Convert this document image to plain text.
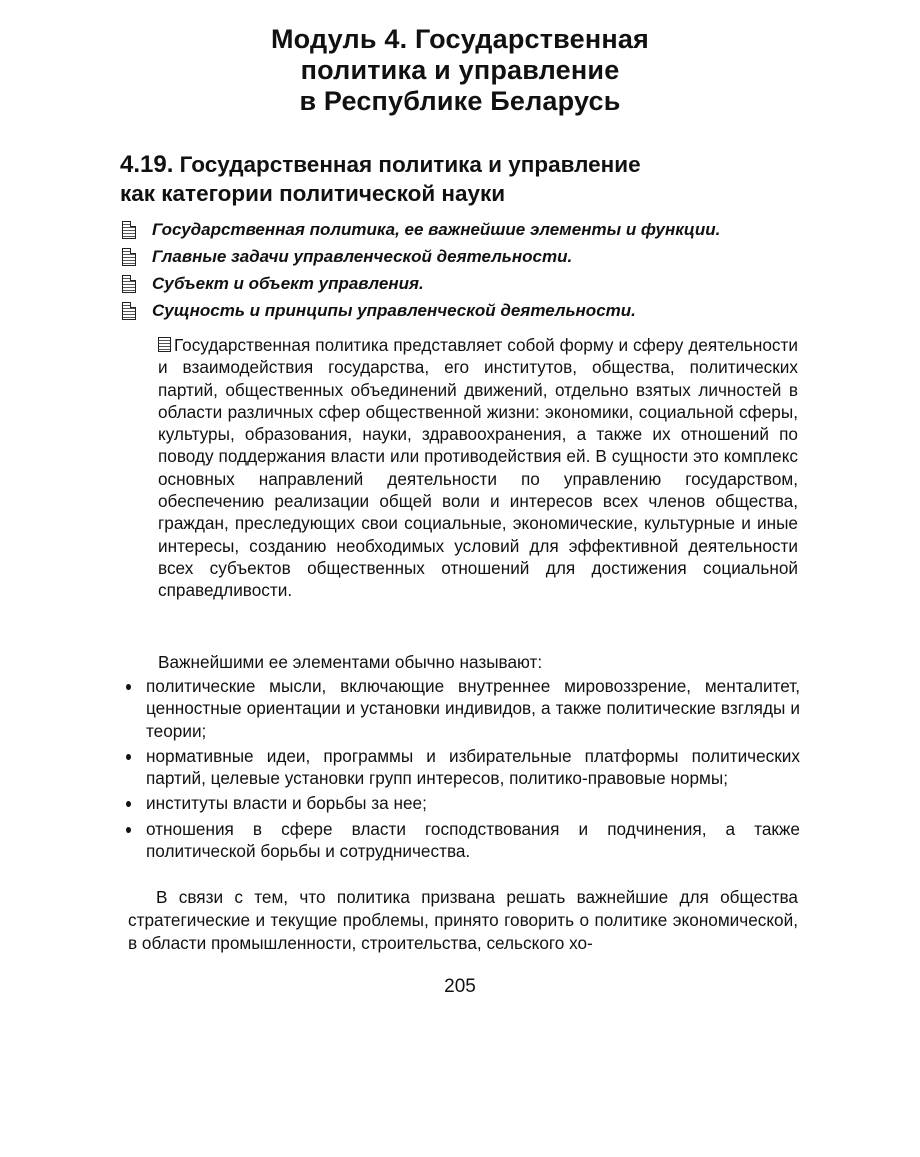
Модуль 4. Государственная
политика и управление
в Республике Беларусь
4.19. Государственная политика и управление
как категории политической науки
Государственная политика, ее важнейшие элементы и функции.
Главные задачи управленческой деятельности.
Субъект и объект управления.
Сущность и принципы управленческой деятельности.
Государственная политика представляет собой форму и сферу деятельности и взаимодействия государства, его институтов, общества, политических партий, общественных объединений движений, отдельно взятых личностей в области различных сфер общественной жизни: экономики, социальной сферы, культуры, образования, науки, здравоохранения, а также их отношений по поводу поддержания власти или противодействия ей. В сущности это комплекс основных направлений деятельности по управлению государством, обеспечению реализации общей воли и интересов всех членов общества, граждан, преследующих свои социальные, экономические, культурные и иные интересы, созданию необходимых условий для эффективной деятельности всех субъектов общественных отношений для достижения социальной справедливости.
Важнейшими ее элементами обычно называют:
политические мысли, включающие внутреннее мировоззрение, менталитет, ценностные ориентации и установки индивидов, а также политические взгляды и теории;
нормативные идеи, программы и избирательные платформы политических партий, целевые установки групп интересов, политико-правовые нормы;
институты власти и борьбы за нее;
отношения в сфере власти господствования и подчинения, а также политической борьбы и сотрудничества.
В связи с тем, что политика призвана решать важнейшие для общества стратегические и текущие проблемы, принято говорить о политике экономической, в области промышленности, строительства, сельского хо-
205
